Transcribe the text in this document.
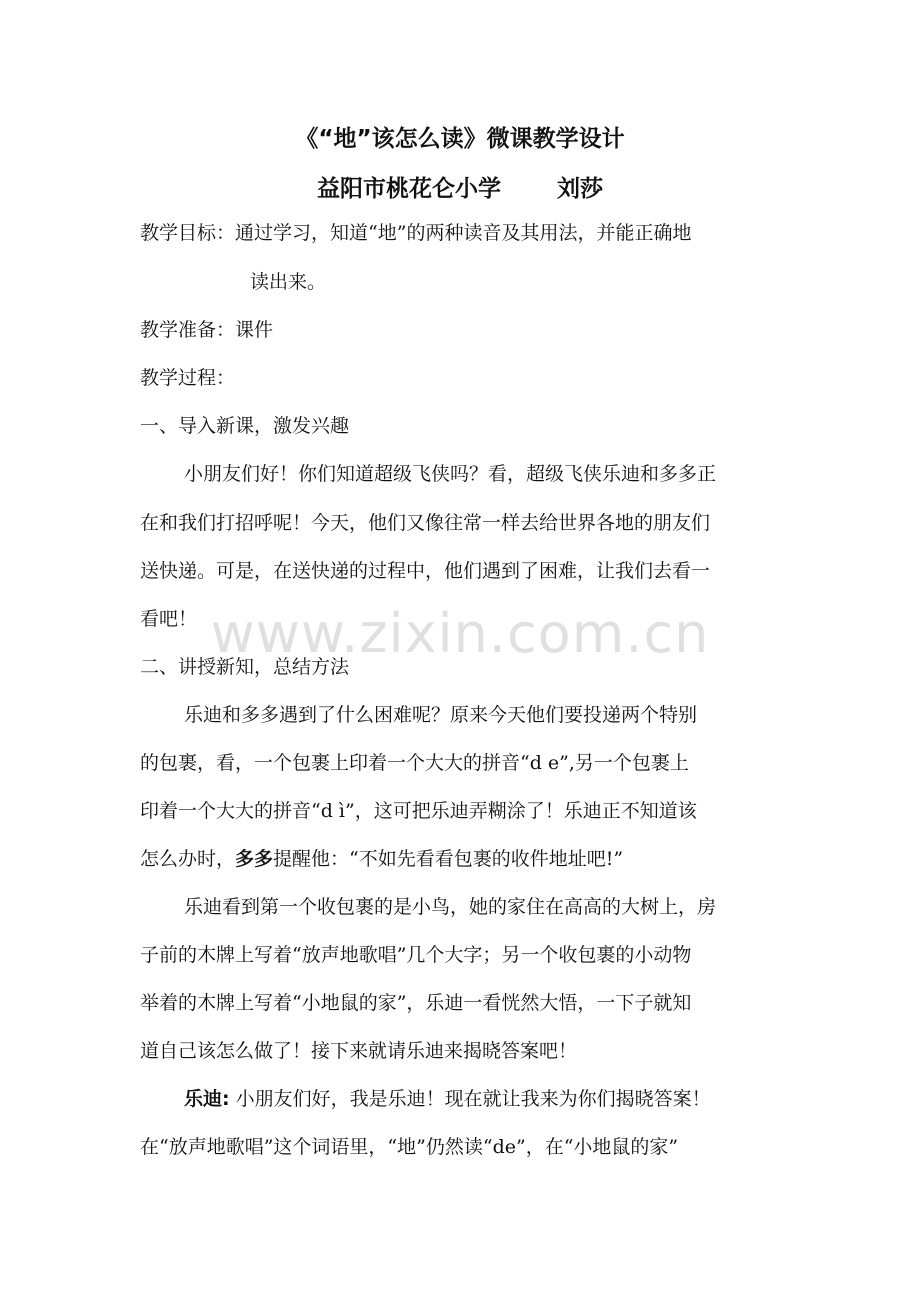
《“地”该怎么读》微课教学设计
益阳市桃花仑小学 刘莎
教学目标：通过学习，知道“地”的两种读音及其用法，并能正确地
读出来。
教学准备：课件
教学过程：
一、导入新课，激发兴趣
小朋友们好！你们知道超级飞侠吗？看，超级飞侠乐迪和多多正
在和我们打招呼呢！今天，他们又像往常一样去给世界各地的朋友们
送快递。可是，在送快递的过程中，他们遇到了困难，让我们去看一
看吧！ www.zixin.com.cn
二、讲授新知，总结方法
乐迪和多多遇到了什么困难呢？原来今天他们要投递两个特别
的包裹，看，一个包裹上印着一个大大的拼音“d e”,另一个包裹上
印着一个大大的拼音“d ì”，这可把乐迪弄糊涂了！乐迪正不知道该
怎么办时，多多提醒他：“不如先看看包裹的收件地址吧!”
乐迪看到第一个收包裹的是小鸟，她的家住在高高的大树上，房
子前的木牌上写着“放声地歌唱”几个大字；另一个收包裹的小动物
举着的木牌上写着“小地鼠的家”，乐迪一看恍然大悟，一下子就知
道自己该怎么做了！接下来就请乐迪来揭晓答案吧！
乐迪: 小朋友们好，我是乐迪！现在就让我来为你们揭晓答案！
在“放声地歌唱”这个词语里，“地”仍然读“de”，在“小地鼠的家”
